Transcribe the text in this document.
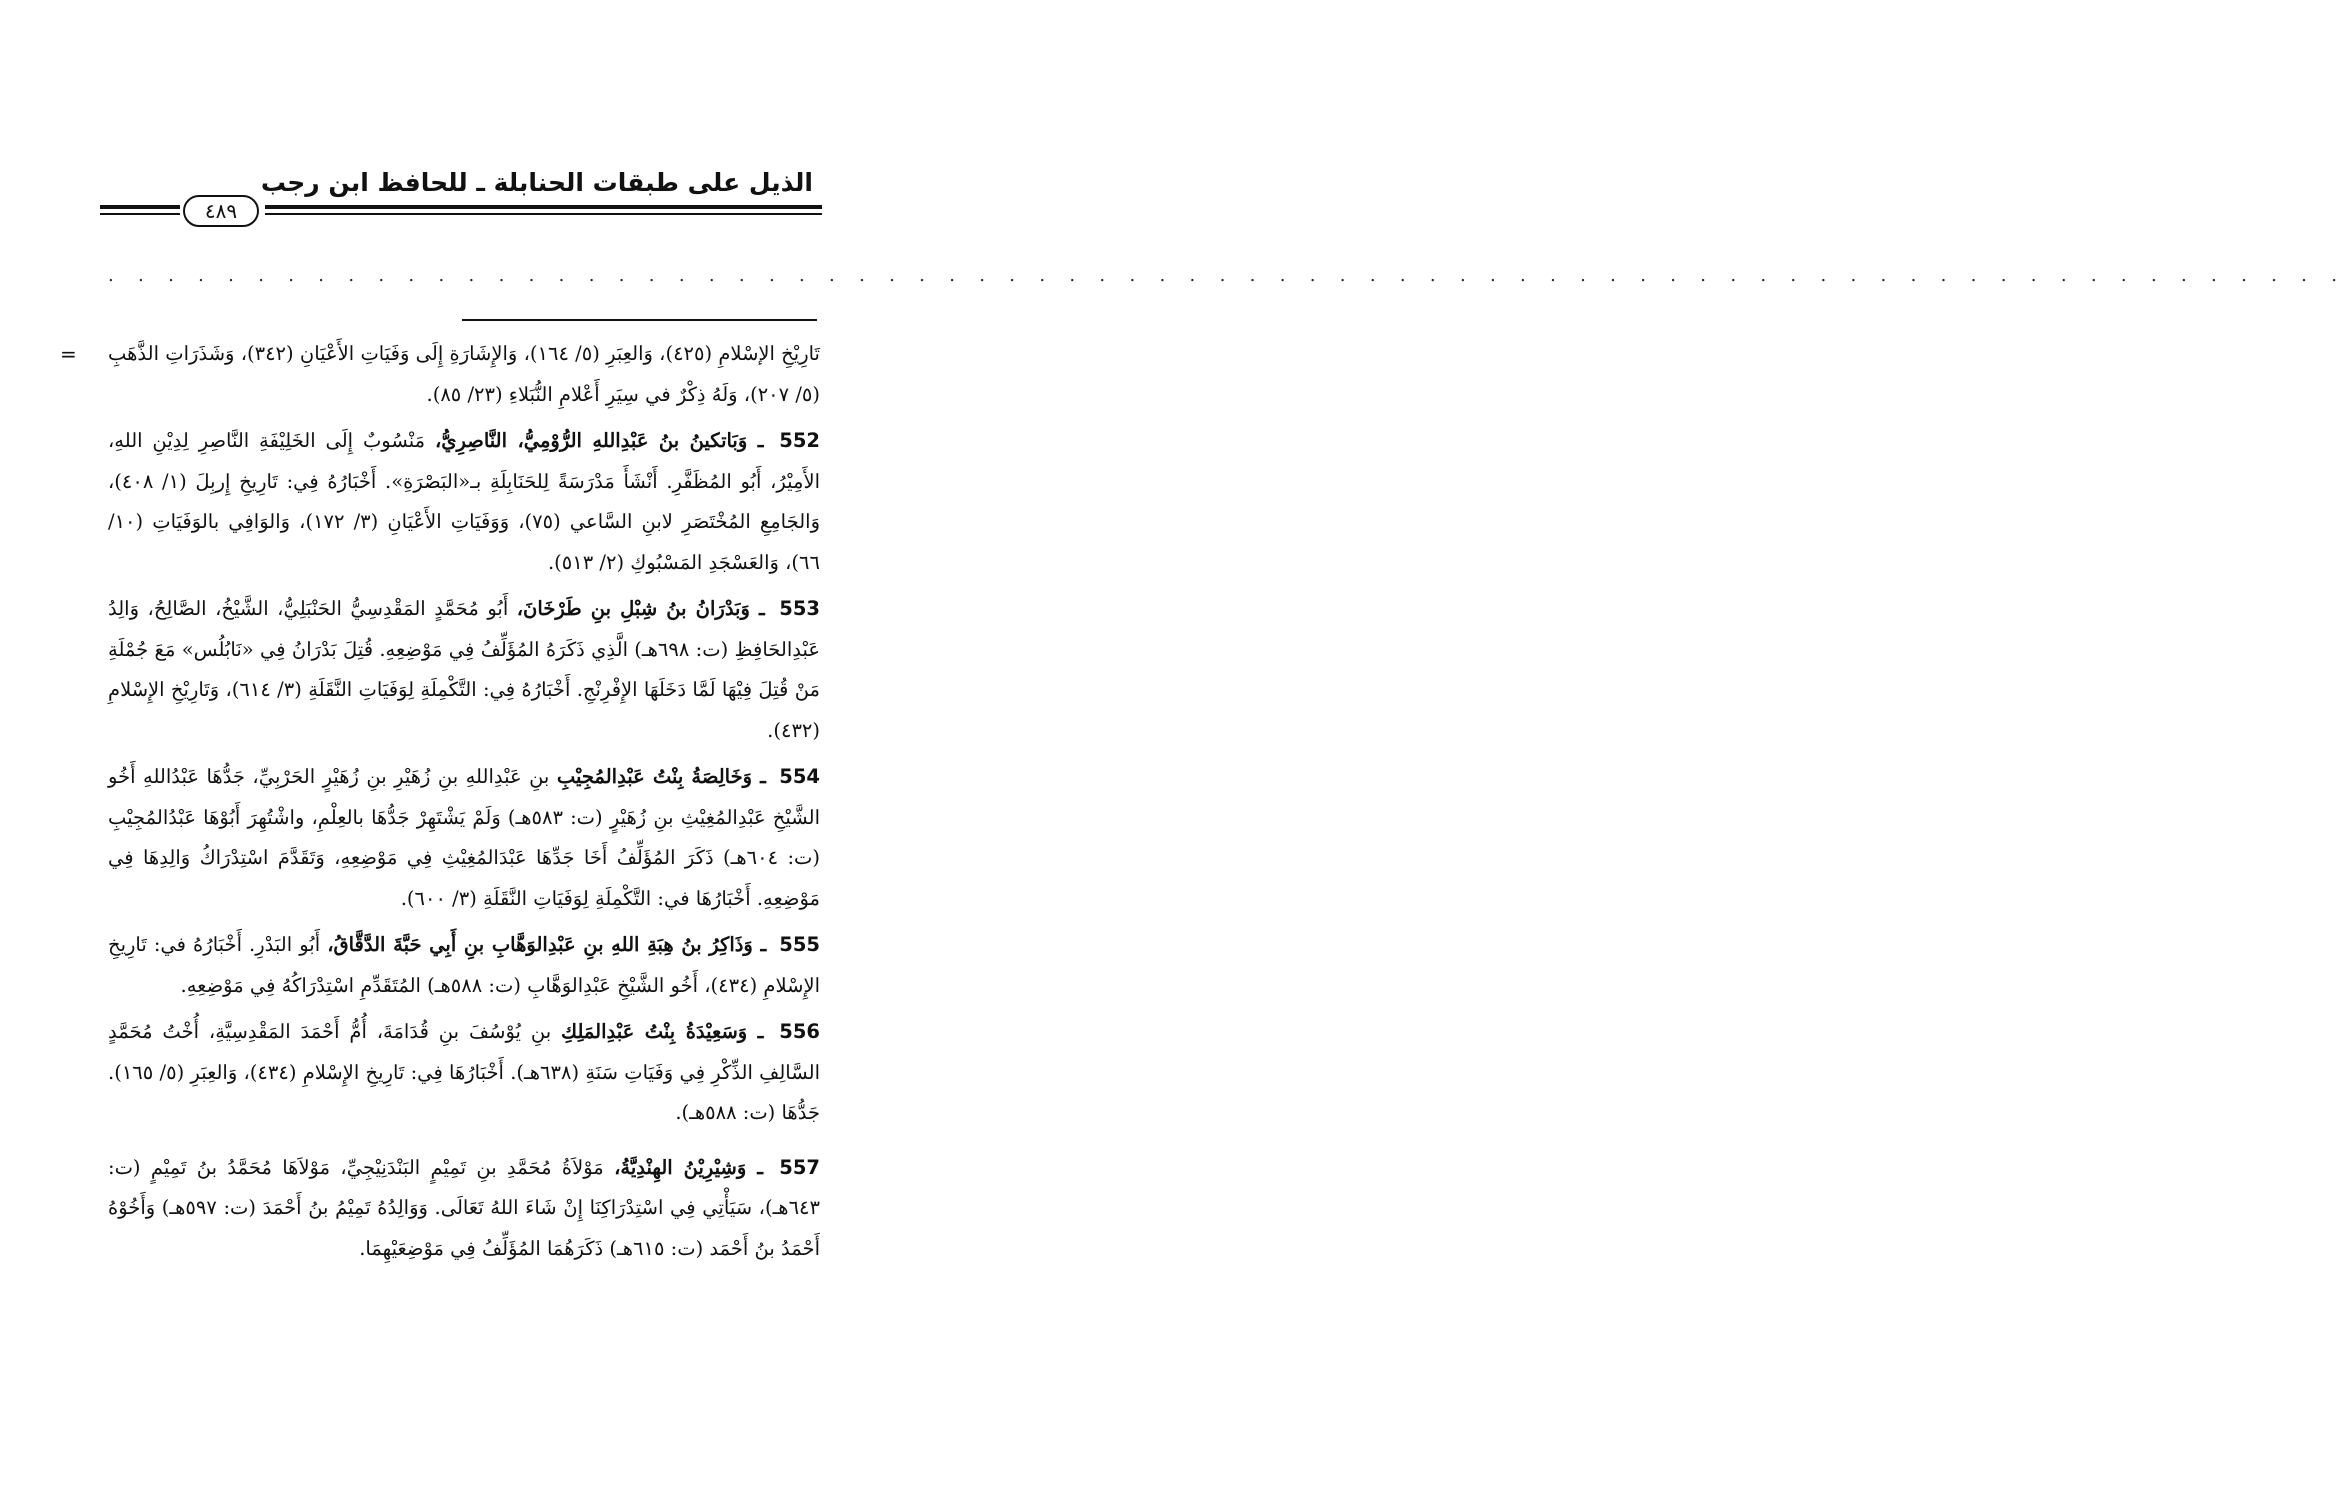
الذيل على طبقات الحنابلة ـ للحافظ ابن رجب
٤٨٩
. . . . . . . . . . . . . . . . . . . . . . . . . . . . . . . . . . . . . . . . . . . . . . . . . . . . . . . . . . . . . . . . . . . . . . . . . . .
= تَارِيْخِ الإسْلامِ (٤٢٥)، وَالعِبَرِ (٥/ ١٦٤)، وَالإِشَارَةِ إِلَى وَفَيَاتِ الأَعْيَانِ (٣٤٢)، وَشَذَرَاتِ الذَّهَبِ (٥/ ٢٠٧)، وَلَهُ ذِكْرٌ في سِيَرِ أَعْلامِ النُّبَلاءِ (٢٣/ ٨٥).

552 ـ وَبَاتكينُ بنُ عَبْدِاللهِ الرُّوْمِيُّ، النَّاصِرِيُّ، مَنْسُوبٌ إِلَى الخَلِيْفَةِ النَّاصِرِ لِدِيْنِ اللهِ، الأَمِيْرُ، أَبُو المُظَفَّرِ. أَنْشَأَ مَدْرَسَةً لِلحَنَابِلَةِ بـ«البَصْرَةِ». أَخْبَارُهُ فِي: تَارِيخِ إِربِلَ (١/ ٤٠٨)، وَالجَامِعِ المُخْتَصَرِ لابنِ السَّاعي (٧٥)، وَوَفَيَاتِ الأَعْيَانِ (٣/ ١٧٢)، وَالوَافِي بالوَفَيَاتِ (١٠/ ٦٦)، وَالعَسْجَدِ المَسْبُوكِ (٢/ ٥١٣).

553 ـ وَبَدْرَانُ بنُ شِبْلِ بنِ طَرْخَانَ، أَبُو مُحَمَّدٍ المَقْدِسِيُّ الحَنْبَلِيُّ، الشَّيْخُ، الصَّالِحُ، وَالِدُ عَبْدِالحَافِظِ (ت: ٦٩٨هـ) الَّذِي ذَكَرَهُ المُؤَلِّفُ فِي مَوْضِعِهِ. قُتِلَ بَدْرَانُ فِي «نَابُلُس» مَعَ جُمْلَةِ مَنْ قُتِلَ فِيْهَا لَمَّا دَخَلَهَا الإِفْرِنْجِ. أَخْبَارُهُ فِي: التَّكْمِلَةِ لِوَفَيَاتِ النَّقَلَةِ (٣/ ٦١٤)، وَتَارِيْخِ الإِسْلامِ (٤٣٢).

554 ـ وَخَالِصَةُ بِنْتُ عَبْدِالمُجِيْبِ بنِ عَبْدِاللهِ بنِ زُهَيْرِ بنِ زُهَيْرٍ الحَرْبِيِّ، جَدُّهَا عَبْدُاللهِ أَخُو الشَّيْخِ عَبْدِالمُغِيْثِ بنِ زُهَيْرٍ (ت: ٥٨٣هـ) وَلَمْ يَشْتَهِرْ جَدُّهَا بالعِلْمِ، واشْتُهِرَ أَبُوْهَا عَبْدُالمُجِيْبِ (ت: ٦٠٤هـ) ذَكَرَ المُؤَلِّفُ أَخَا جَدِّهَا عَبْدَالمُغِيْثِ فِي مَوْضِعِهِ، وَتَقَدَّمَ اسْتِدْرَاكُ وَالِدِهَا فِي مَوْضِعِهِ. أَخْبَارُهَا في: التَّكْمِلَةِ لِوَفَيَاتِ النَّقَلَةِ (٣/ ٦٠٠).

555 ـ وَذَاكِرُ بنُ هِبَةِ اللهِ بنِ عَبْدِالوَهَّابِ بنِ أَبِي حَبَّةَ الدَّقَّاقُ، أَبُو البَدْرِ. أَخْبَارُهُ في: تَارِيخِ الإِسْلامِ (٤٣٤)، أَخُو الشَّيْخِ عَبْدِالوَهَّابِ (ت: ٥٨٨هـ) المُتَقَدِّمِ اسْتِدْرَاكُهُ فِي مَوْضِعِهِ.

556 ـ وَسَعِيْدَةُ بِنْتُ عَبْدِالمَلِكِ بنِ يُوْسُفَ بنِ قُدَامَةَ، أُمُّ أَحْمَدَ المَقْدِسِيَّةِ، أُخْتُ مُحَمَّدٍ السَّالِفِ الذِّكْرِ فِي وَفَيَاتِ سَنَةِ (٦٣٨هـ). أَخْبَارُهَا فِي: تَارِيخِ الإِسْلامِ (٤٣٤)، وَالعِبَرِ (٥/ ١٦٥). جَدُّهَا (ت: ٥٨٨هـ).

557 ـ وَشِيْرِيْنُ الهِنْدِيَّةُ، مَوْلاَةُ مُحَمَّدِ بنِ تَمِيْمٍ البَنْدَنِيْجِيِّ، مَوْلاَهَا مُحَمَّدُ بنُ تَمِيْمٍ (ت: ٦٤٣هـ)، سَيَأْتِي فِي اسْتِدْرَاكِنَا إِنْ شَاءَ اللهُ تَعَالَى. وَوَالِدُهُ تَمِيْمُ بنُ أَحْمَدَ (ت: ٥٩٧هـ) وَأَخُوْهُ أَحْمَدُ بنُ أَحْمَد (ت: ٦١٥هـ) ذَكَرَهُمَا المُؤَلِّفُ فِي مَوْضِعَيْهِمَا.
